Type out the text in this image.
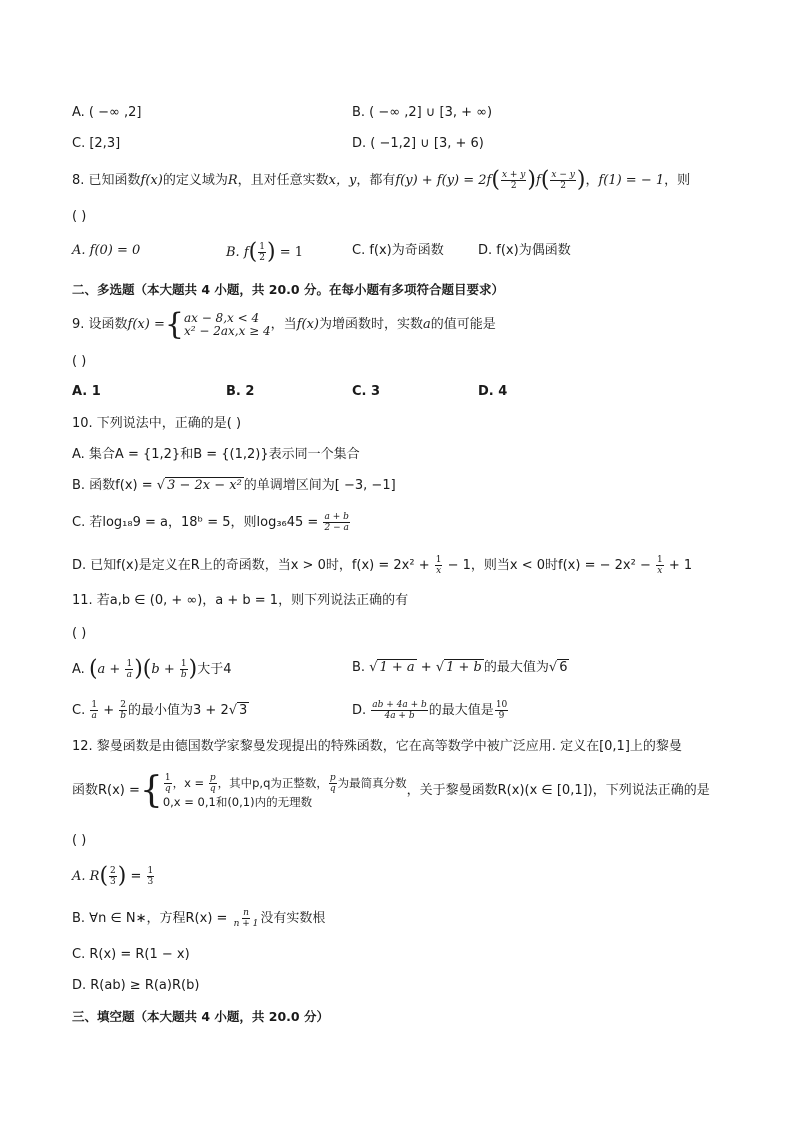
A. ( −∞ ,2]	B. ( −∞ ,2] ∪ [3, + ∞)
C. [2,3]	D. ( −1,2] ∪ [3, + 6)
8. 已知函数f(x)的定义域为R，且对任意实数x，y，都有$f(y) + f(y) = 2f( \frac{x + y}{2} )f( \frac{x - y}{2}$ )，f(1) = − 1，则
( )
A. f(0) = 0	B. $f( \frac{1}{2}$ ) = 1	C. f(x)为奇函数	D. f(x)为偶函数
二、多选题（本大题共 4 小题，共 20.0 分。在每小题有多项符合题目要求）
9. 设函数 f(x) = { ax − 8,x < 4
x² − 2ax,x ≥ 4 ，当 f(x) 为增函数时，实数 a 的值可能是
( )
A. 1	B. 2	C. 3	D. 4
10. 下列说法中，正确的是( )
A. 集合A = {1,2}和B = {(1,2)}表示同一个集合
B. 函数f(x) = √ 3 − 2x − x² 的单调增区间为[ −3, −1]
C. 若log₁₈9 = a，18ᵇ = 5，则$\log_{36}45 = \frac{a + b}{2 - a}$
D. 已知f(x)是定义在R上的奇函数，当x > 0时，$f(x) = 2x^2 + \frac{1}{x} - 1$，则当x < 0时f(x) = − $2x^2 - \frac{1}{x} + 1$
11. 若a,b ∈ (0, + ∞)，a + b = 1，则下列说法正确的有
( )
A. $(a + \frac{1}{a} )(b + \frac{1}{b}$ )大于4	B. √ 1 + a + √ 1 + b 的最大值为√ 6
C. $\frac{1}{a} + \frac{2}{b}$ 的最小值为3 + 2√ 3	D. $\frac{ab + 4a + b}{4a + b}$ 的最大值是 $\frac{10}{9}$
12. 黎曼函数是由德国数学家黎曼发现提出的特殊函数，它在高等数学中被广泛应用. 定义在[0,1]上的黎曼
函数R(x) = { $\frac{1}{q}$ ，$x = \frac{p}{q}$ ，其中p,q为正整数， $\frac{p}{q}$ 为最简真分数
0,x = 0,1和(0,1)内的无理数
，关于黎曼函数R(x)(x ∈ [0,1])，下列说法正确的是
( )
A. $R( \frac{2}{3}$ ) = $\frac{1}{3}$
B. ∀n ∈ N∗，方程$R(x) = \frac{n}{n + 1}$ 没有实数根
C. R(x) = R(1 − x)
D. R(ab) ≥ R(a)R(b)
三、填空题（本大题共 4 小题，共 20.0 分）
